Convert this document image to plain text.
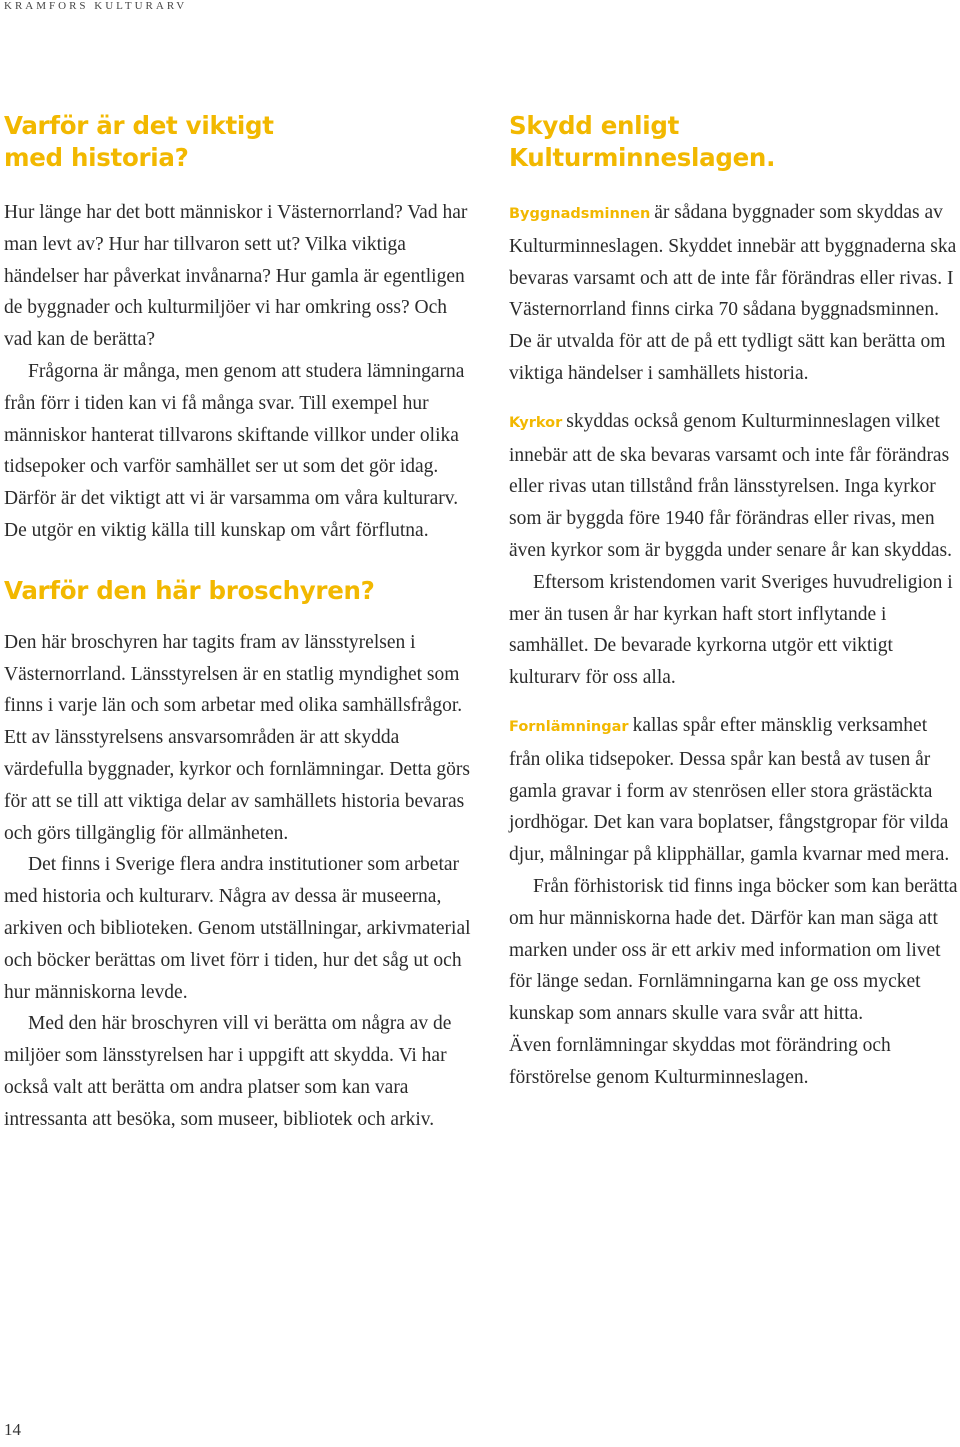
KRAMFORS KULTURARV
Varför är det viktigt
med historia?

Hur länge har det bott människor i Västernorrland? Vad har man levt av? Hur har tillvaron sett ut? Vilka viktiga händelser har påverkat invånarna? Hur gamla är egentligen de byggnader och kulturmiljöer vi har omkring oss? Och vad kan de berätta?

Frågorna är många, men genom att studera lämningarna från förr i tiden kan vi få många svar. Till exempel hur människor hanterat tillvarons skiftande villkor under olika tidsepoker och varför samhället ser ut som det gör idag. Därför är det viktigt att vi är varsamma om våra kulturarv. De utgör en viktig källa till kunskap om vårt förflutna.

Varför den här broschyren?

Den här broschyren har tagits fram av länsstyrelsen i Västernorrland. Länsstyrelsen är en statlig myndighet som finns i varje län och som arbetar med olika samhällsfrågor. Ett av länsstyrelsens ansvarsområden är att skydda värdefulla byggnader, kyrkor och fornlämningar. Detta görs för att se till att viktiga delar av samhällets historia bevaras och görs tillgänglig för allmänheten.

Det finns i Sverige flera andra institutioner som arbetar med historia och kulturarv. Några av dessa är museerna, arkiven och biblioteken. Genom utställningar, arkivmaterial och böcker berättas om livet förr i tiden, hur det såg ut och hur människorna levde.

Med den här broschyren vill vi berätta om några av de miljöer som länsstyrelsen har i uppgift att skydda. Vi har också valt att berätta om andra platser som kan vara intressanta att besöka, som museer, bibliotek och arkiv.

Skydd enligt
Kulturminneslagen.

Byggnadsminnen är sådana byggnader som skyddas av Kulturminneslagen. Skyddet innebär att byggnaderna ska bevaras varsamt och att de inte får förändras eller rivas. I Västernorrland finns cirka 70 sådana byggnadsminnen. De är utvalda för att de på ett tydligt sätt kan berätta om viktiga händelser i samhällets historia.

Kyrkor skyddas också genom Kulturminneslagen vilket innebär att de ska bevaras varsamt och inte får förändras eller rivas utan tillstånd från länsstyrelsen. Inga kyrkor som är byggda före 1940 får förändras eller rivas, men även kyrkor som är byggda under senare år kan skyddas.

Eftersom kristendomen varit Sveriges huvudreligion i mer än tusen år har kyrkan haft stort inflytande i samhället. De bevarade kyrkorna utgör ett viktigt kulturarv för oss alla.

Fornlämningar kallas spår efter mänsklig verksamhet från olika tidsepoker. Dessa spår kan bestå av tusen år gamla gravar i form av stenrösen eller stora grästäckta jordhögar. Det kan vara boplatser, fångstgropar för vilda djur, målningar på klipphällar, gamla kvarnar med mera.

Från förhistorisk tid finns inga böcker som kan berätta om hur människorna hade det. Därför kan man säga att marken under oss är ett arkiv med information om livet för länge sedan. Fornlämningarna kan ge oss mycket kunskap som annars skulle vara svår att hitta.

Även fornlämningar skyddas mot förändring och förstörelse genom Kulturminneslagen.

14
